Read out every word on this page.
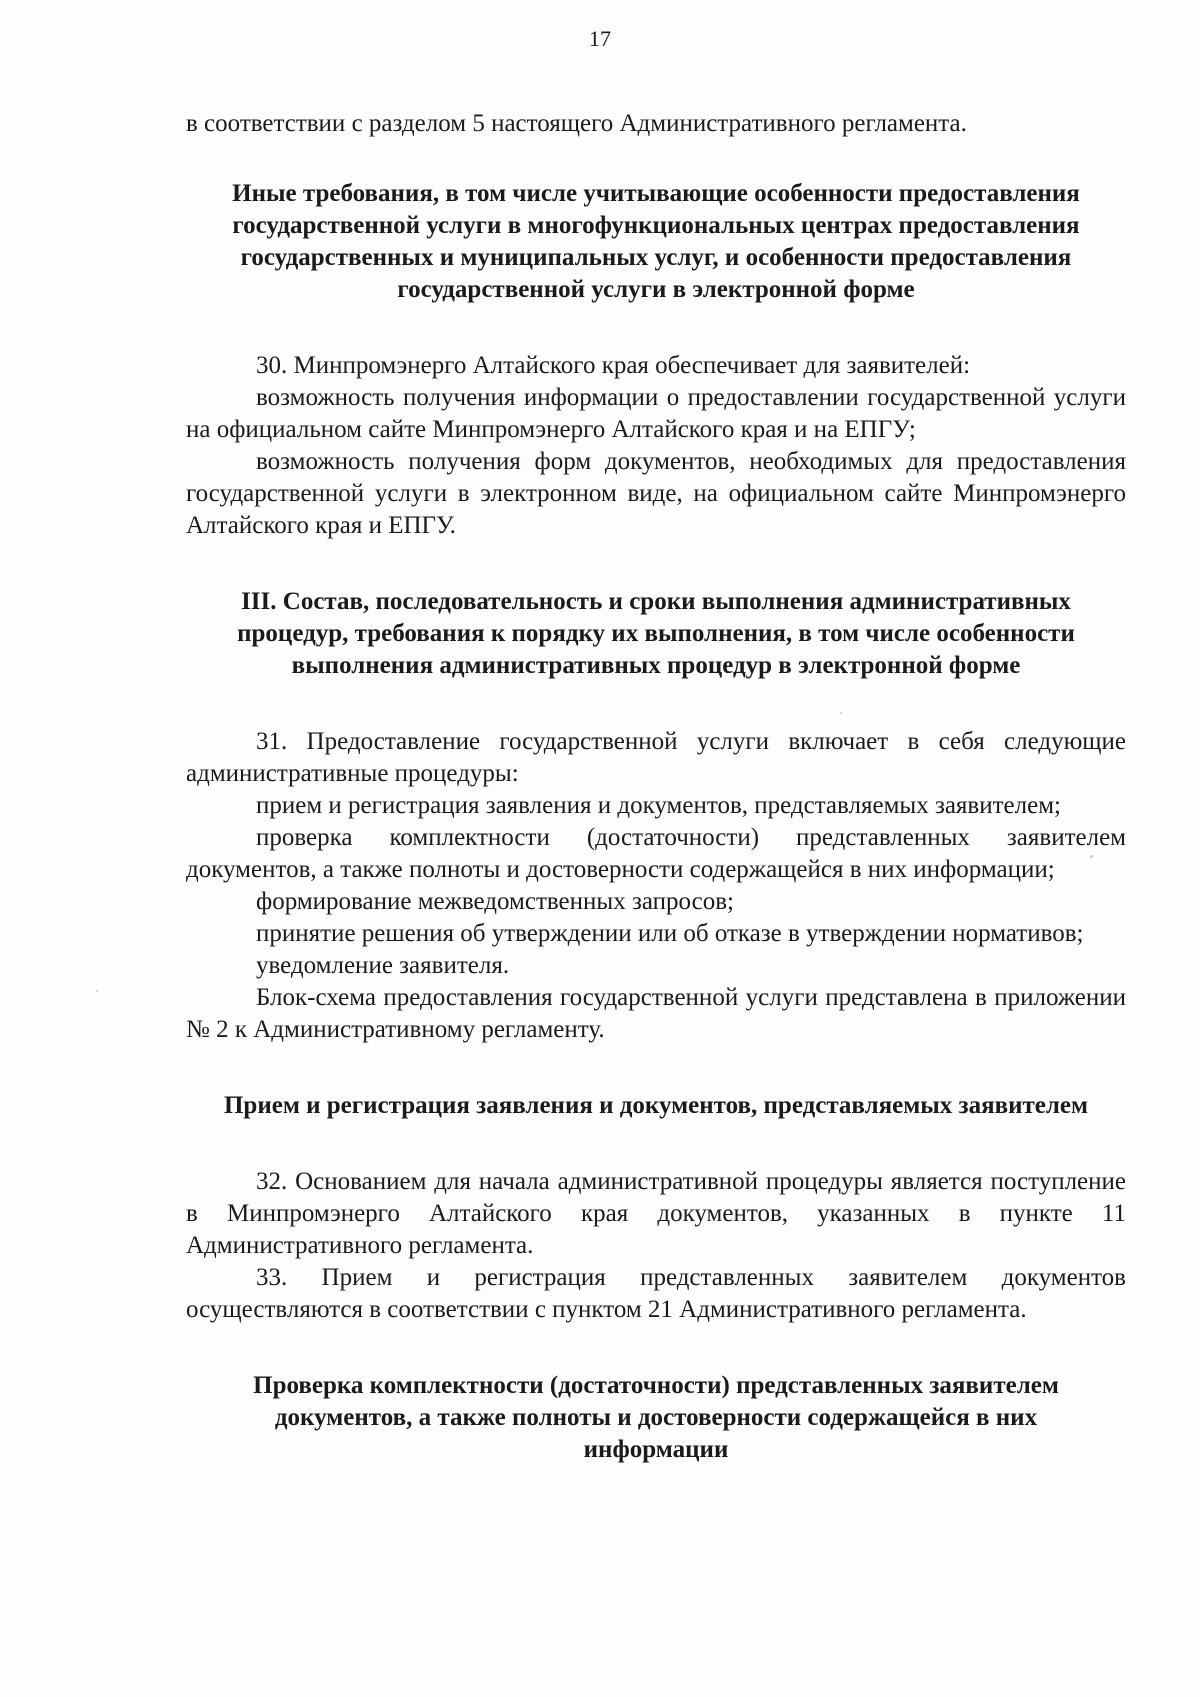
17

в соответствии с разделом 5 настоящего Административного регламента.

Иные требования, в том числе учитывающие особенности предоставления государственной услуги в многофункциональных центрах предоставления государственных и муниципальных услуг, и особенности предоставления государственной услуги в электронной форме

30. Минпромэнерго Алтайского края обеспечивает для заявителей:

возможность получения информации о предоставлении государственной услуги на официальном сайте Минпромэнерго Алтайского края и на ЕПГУ;

возможность получения форм документов, необходимых для предоставления государственной услуги в электронном виде, на официальном сайте Минпромэнерго Алтайского края и ЕПГУ.

III. Состав, последовательность и сроки выполнения административных процедур, требования к порядку их выполнения, в том числе особенности выполнения административных процедур в электронной форме

31. Предоставление государственной услуги включает в себя следующие административные процедуры:

прием и регистрация заявления и документов, представляемых заявителем;

проверка комплектности (достаточности) представленных заявителем документов, а также полноты и достоверности содержащейся в них информации;

формирование межведомственных запросов;

принятие решения об утверждении или об отказе в утверждении нормативов;

уведомление заявителя.

Блок-схема предоставления государственной услуги представлена в приложении № 2 к Административному регламенту.

Прием и регистрация заявления и документов, представляемых заявителем

32. Основанием для начала административной процедуры является поступление в Минпромэнерго Алтайского края документов, указанных в пункте 11 Административного регламента.

33. Прием и регистрация представленных заявителем документов осуществляются в соответствии с пунктом 21 Административного регламента.

Проверка комплектности (достаточности) представленных заявителем документов, а также полноты и достоверности содержащейся в них информации
